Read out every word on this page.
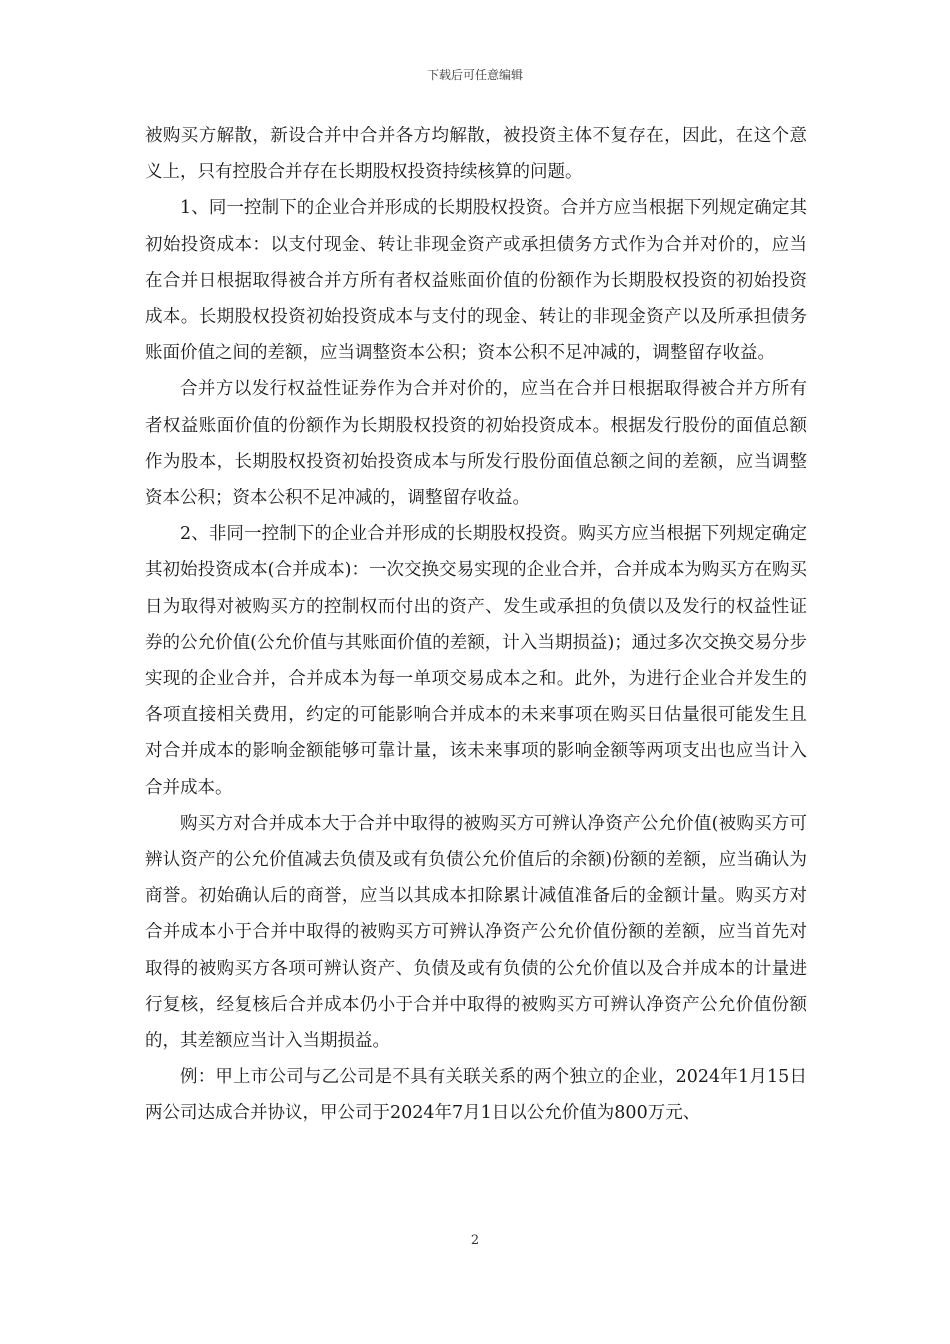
下载后可任意编辑

被购买方解散，新设合并中合并各方均解散，被投资主体不复存在，因此，在这个意义上，只有控股合并存在长期股权投资持续核算的问题。

1、同一控制下的企业合并形成的长期股权投资。合并方应当根据下列规定确定其初始投资成本：以支付现金、转让非现金资产或承担债务方式作为合并对价的，应当在合并日根据取得被合并方所有者权益账面价值的份额作为长期股权投资的初始投资成本。长期股权投资初始投资成本与支付的现金、转让的非现金资产以及所承担债务账面价值之间的差额，应当调整资本公积；资本公积不足冲减的，调整留存收益。

合并方以发行权益性证券作为合并对价的，应当在合并日根据取得被合并方所有者权益账面价值的份额作为长期股权投资的初始投资成本。根据发行股份的面值总额作为股本，长期股权投资初始投资成本与所发行股份面值总额之间的差额，应当调整资本公积；资本公积不足冲减的，调整留存收益。

2、非同一控制下的企业合并形成的长期股权投资。购买方应当根据下列规定确定其初始投资成本(合并成本)：一次交换交易实现的企业合并，合并成本为购买方在购买日为取得对被购买方的控制权而付出的资产、发生或承担的负债以及发行的权益性证券的公允价值(公允价值与其账面价值的差额，计入当期损益)；通过多次交换交易分步实现的企业合并，合并成本为每一单项交易成本之和。此外，为进行企业合并发生的各项直接相关费用，约定的可能影响合并成本的未来事项在购买日估量很可能发生且对合并成本的影响金额能够可靠计量，该未来事项的影响金额等两项支出也应当计入合并成本。

购买方对合并成本大于合并中取得的被购买方可辨认净资产公允价值(被购买方可辨认资产的公允价值减去负债及或有负债公允价值后的余额)份额的差额，应当确认为商誉。初始确认后的商誉，应当以其成本扣除累计减值准备后的金额计量。购买方对合并成本小于合并中取得的被购买方可辨认净资产公允价值份额的差额，应当首先对取得的被购买方各项可辨认资产、负债及或有负债的公允价值以及合并成本的计量进行复核，经复核后合并成本仍小于合并中取得的被购买方可辨认净资产公允价值份额的，其差额应当计入当期损益。

例：甲上市公司与乙公司是不具有关联关系的两个独立的企业，2024年1月15日两公司达成合并协议，甲公司于2024年7月1日以公允价值为800万元、

2
